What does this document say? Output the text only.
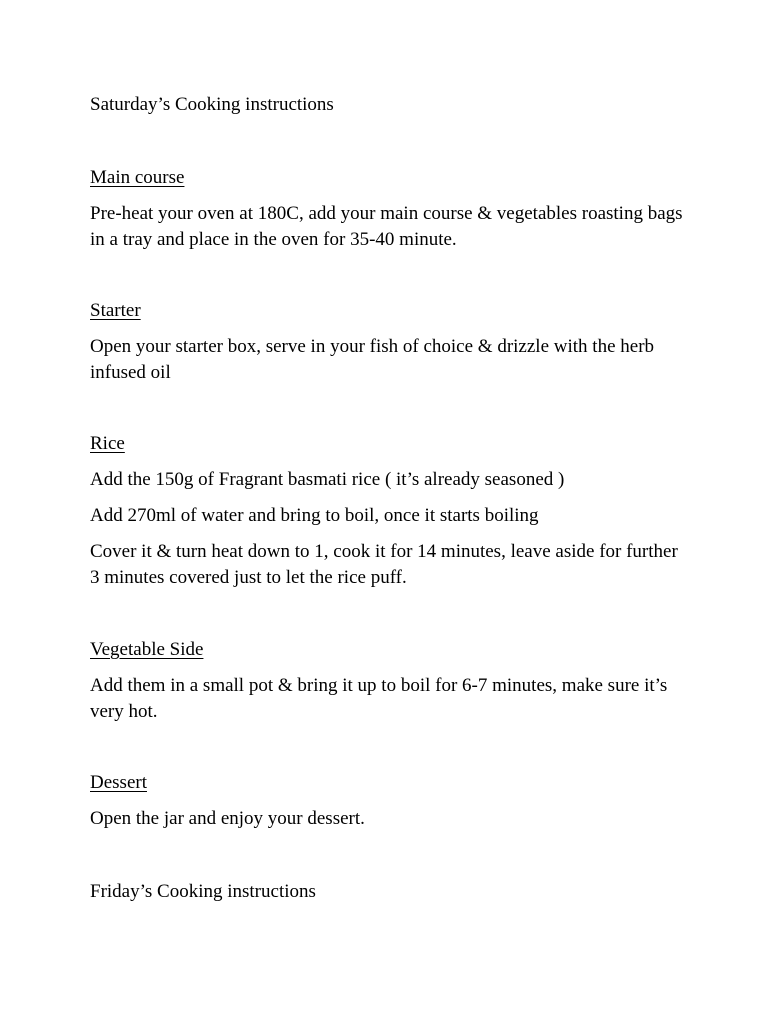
Saturday’s Cooking instructions

Main course

Pre-heat your oven at 180C, add your main course & vegetables roasting bags in a tray and place in the oven for 35-40 minute.

Starter

Open your starter box, serve in your fish of choice & drizzle with the herb infused oil

Rice

Add the 150g of Fragrant basmati rice ( it’s already seasoned )

Add 270ml of water and bring to boil, once it starts boiling

Cover it & turn heat down to 1, cook it for 14 minutes, leave aside for further 3 minutes covered just to let the rice puff.

Vegetable Side

Add them in a small pot & bring it up to boil for 6-7 minutes, make sure it’s very hot.

Dessert

Open the jar and enjoy your dessert.

Friday’s Cooking instructions
